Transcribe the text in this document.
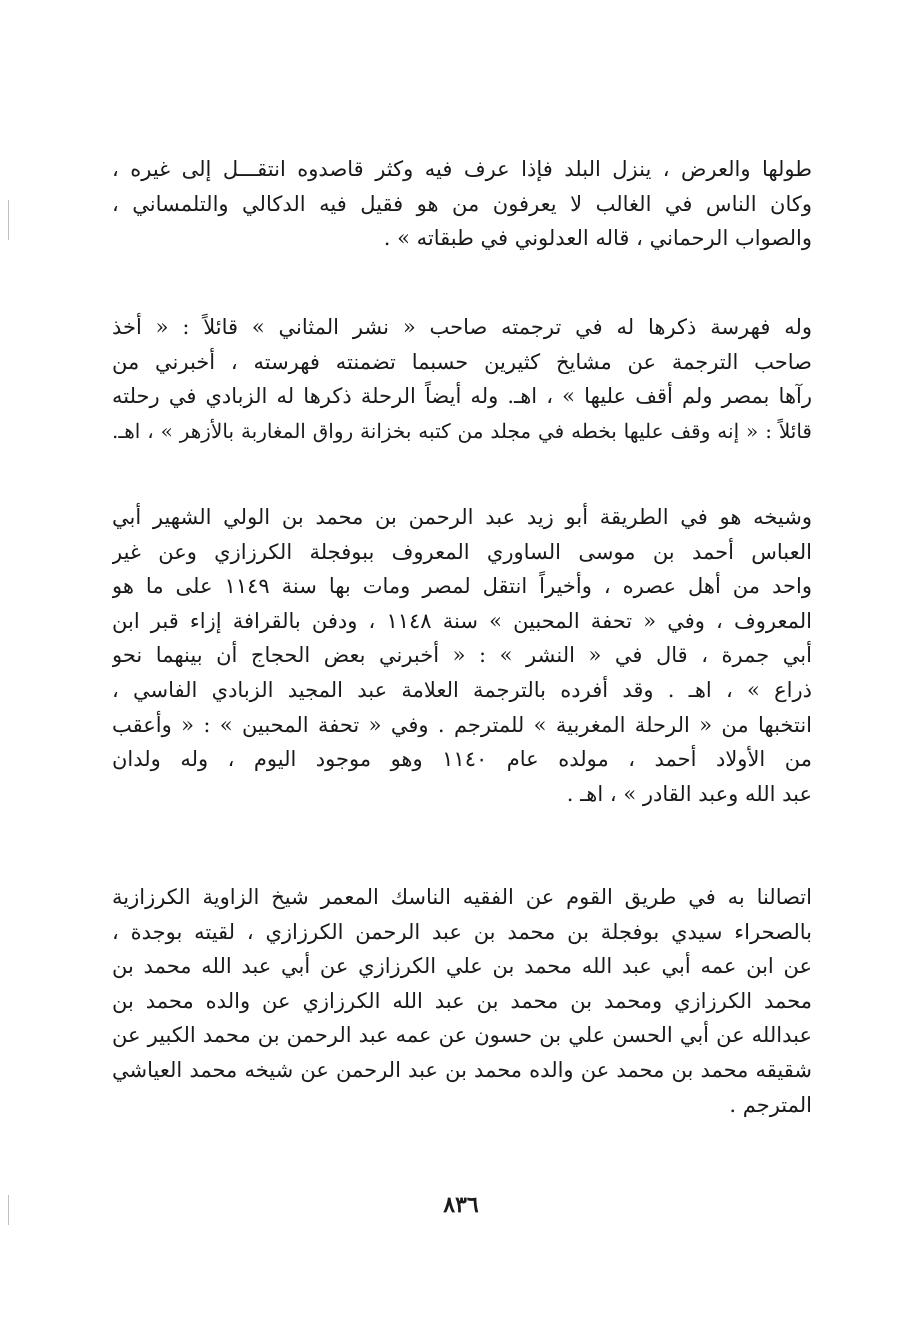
طولها والعرض ، ينزل البلد فإذا عرف فيه وكثر قاصدوه انتقـــل إلى غيره ،
وكان الناس في الغالب لا يعرفون من هو فقيل فيه الدكالي والتلمساني ،
والصواب الرحماني ، قاله العدلوني في طبقاته » .

وله فهرسة ذكرها له في ترجمته صاحب « نشر المثاني » قائلاً : « أخذ
صاحب الترجمة عن مشايخ كثيرين حسبما تضمنته فهرسته ، أخبرني من
رآها بمصر ولم أقف عليها » ، اهـ. وله أيضاً الرحلة ذكرها له الزبادي في رحلته
قائلاً : « إنه وقف عليها بخطه في مجلد من كتبه بخزانة رواق المغاربة بالأزهر » ، اهـ.

وشيخه هو في الطريقة أبو زيد عبد الرحمن بن محمد بن الولي الشهير أبي
العباس أحمد بن موسى الساوري المعروف ببوفجلة الكرزازي وعن غير
واحد من أهل عصره ، وأخيراً انتقل لمصر ومات بها سنة ١١٤٩ على ما هو
المعروف ، وفي « تحفة المحبين » سنة ١١٤٨ ، ودفن بالقرافة إزاء قبر ابن
أبي جمرة ، قال في « النشر » : « أخبرني بعض الحجاج أن بينهما نحو
ذراع » ، اهـ . وقد أفرده بالترجمة العلامة عبد المجيد الزبادي الفاسي ،
انتخبها من « الرحلة المغربية » للمترجم . وفي « تحفة المحبين » : « وأعقب
من الأولاد أحمد ، مولده عام ١١٤٠ وهو موجود اليوم ، وله ولدان
عبد الله وعبد القادر » ، اهـ .

اتصالنا به في طريق القوم عن الفقيه الناسك المعمر شيخ الزاوية الكرزازية
بالصحراء سيدي بوفجلة بن محمد بن عبد الرحمن الكرزازي ، لقيته بوجدة ،
عن ابن عمه أبي عبد الله محمد بن علي الكرزازي عن أبي عبد الله محمد بن
محمد الكرزازي ومحمد بن محمد بن عبد الله الكرزازي عن والده محمد بن
عبدالله عن أبي الحسن علي بن حسون عن عمه عبد الرحمن بن محمد الكبير عن
شقيقه محمد بن محمد عن والده محمد بن عبد الرحمن عن شيخه محمد العياشي
المترجم .

٨٣٦
